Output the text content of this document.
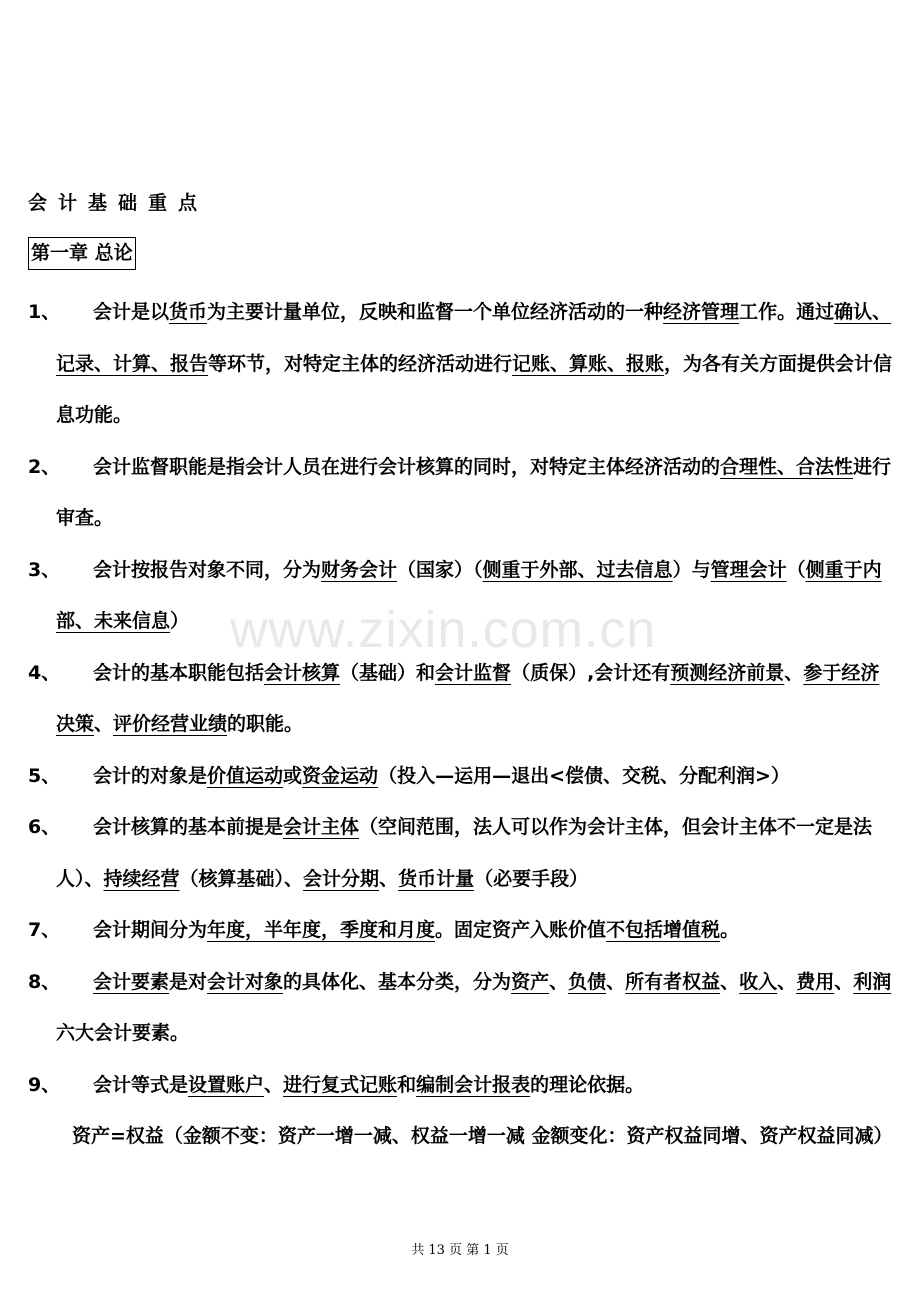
www.zixin.com.cn
会计基础重点
第一章 总论
1、	会计是以货币为主要计量单位，反映和监督一个单位经济活动的一种经济管理工作。通过确认、记录、计算、报告等环节，对特定主体的经济活动进行记账、算账、报账，为各有关方面提供会计信息功能。
2、	会计监督职能是指会计人员在进行会计核算的同时，对特定主体经济活动的合理性、合法性进行审查。
3、	会计按报告对象不同，分为财务会计（国家）（侧重于外部、过去信息）与管理会计（侧重于内部、未来信息）
4、	会计的基本职能包括会计核算（基础）和会计监督（质保）,会计还有预测经济前景、参于经济决策、评价经营业绩的职能。
5、	会计的对象是价值运动或资金运动（投入—运用—退出<偿债、交税、分配利润>）
6、	会计核算的基本前提是会计主体（空间范围，法人可以作为会计主体，但会计主体不一定是法人）、持续经营（核算基础）、会计分期、货币计量（必要手段）
7、	会计期间分为年度，半年度，季度和月度。固定资产入账价值不包括增值税。
8、	会计要素是对会计对象的具体化、基本分类，分为资产、负债、所有者权益、收入、费用、利润六大会计要素。
9、	会计等式是设置账户、进行复式记账和编制会计报表的理论依据。
资产=权益（金额不变：资产一增一减、权益一增一减 金额变化：资产权益同增、资产权益同减）
共 13 页 第 1 页
